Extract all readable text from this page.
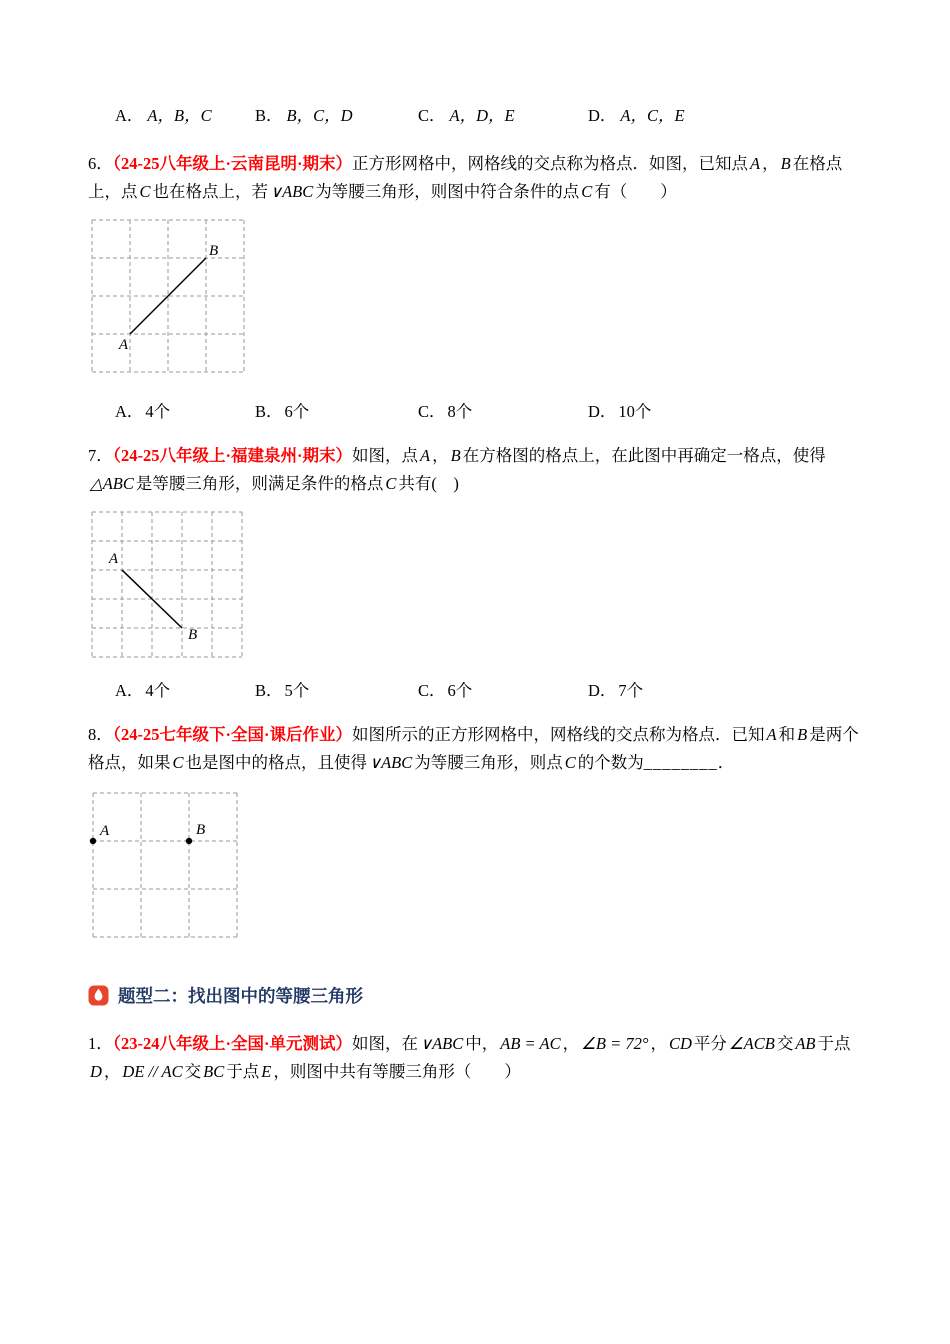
A． A，B，C	B． B，C，D	C． A，D，E	D． A，C，E

6．（24-25八年级上·云南昆明·期末）正方形网格中，网格线的交点称为格点．如图，已知点 A ， B 在格点上，点 C 也在格点上，若 ∨ABC 为等腰三角形，则图中符合条件的点 C 有（　　）

B
A
A． 4个	B． 6个	C． 8个	D． 10个

7．（24-25八年级上·福建泉州·期末）如图，点 A ， B 在方格图的格点上，在此图中再确定一格点，使得△ABC 是等腰三角形，则满足条件的格点 C 共有(　)

A
B
A． 4个	B． 5个	C． 6个	D． 7个

8．（24-25七年级下·全国·课后作业）如图所示的正方形网格中，网格线的交点称为格点．已知 A 和 B 是两个格点，如果 C 也是图中的格点，且使得 ∨ABC 为等腰三角形，则点 C 的个数为________．

A	B
题型二：找出图中的等腰三角形

1．（23-24八年级上·全国·单元测试）如图，在 ∨ABC 中， AB = AC ， ∠B = 72° ， CD 平分 ∠ACB 交 AB 于点D ， DE // AC 交 BC 于点 E ，则图中共有等腰三角形（　　）
